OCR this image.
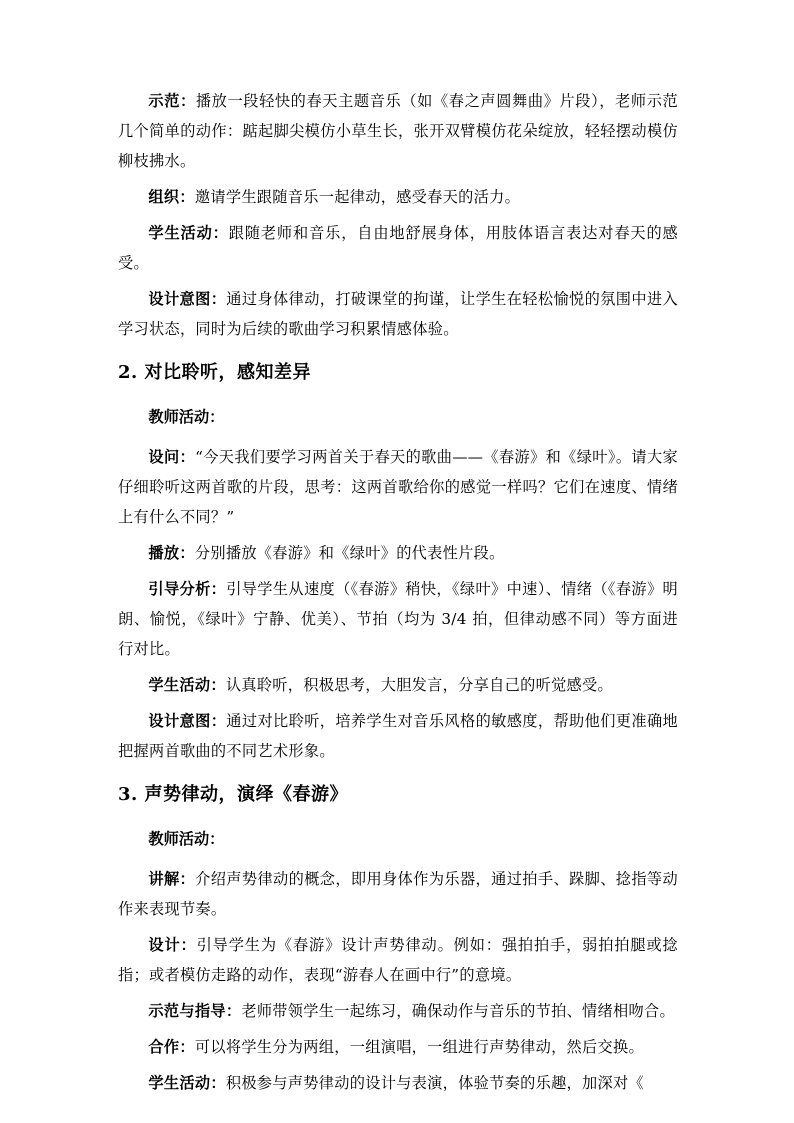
示范：播放一段轻快的春天主题音乐（如《春之声圆舞曲》片段），老师示范几个简单的动作：踮起脚尖模仿小草生长，张开双臂模仿花朵绽放，轻轻摆动模仿柳枝拂水。

组织：邀请学生跟随音乐一起律动，感受春天的活力。

学生活动：跟随老师和音乐，自由地舒展身体，用肢体语言表达对春天的感受。

设计意图：通过身体律动，打破课堂的拘谨，让学生在轻松愉悦的氛围中进入学习状态，同时为后续的歌曲学习积累情感体验。

2. 对比聆听，感知差异
教师活动：

设问：“今天我们要学习两首关于春天的歌曲——《春游》和《绿叶》。请大家仔细聆听这两首歌的片段，思考：这两首歌给你的感觉一样吗？它们在速度、情绪上有什么不同？”

播放：分别播放《春游》和《绿叶》的代表性片段。

引导分析：引导学生从速度（《春游》稍快，《绿叶》中速）、情绪（《春游》明朗、愉悦，《绿叶》宁静、优美）、节拍（均为 3/4 拍，但律动感不同）等方面进行对比。

学生活动：认真聆听，积极思考，大胆发言，分享自己的听觉感受。

设计意图：通过对比聆听，培养学生对音乐风格的敏感度，帮助他们更准确地把握两首歌曲的不同艺术形象。

3. 声势律动，演绎《春游》
教师活动：

讲解：介绍声势律动的概念，即用身体作为乐器，通过拍手、跺脚、捻指等动作来表现节奏。

设计：引导学生为《春游》设计声势律动。例如：强拍拍手，弱拍拍腿或捻指；或者模仿走路的动作，表现“游春人在画中行”的意境。

示范与指导：老师带领学生一起练习，确保动作与音乐的节拍、情绪相吻合。

合作：可以将学生分为两组，一组演唱，一组进行声势律动，然后交换。

学生活动：积极参与声势律动的设计与表演，体验节奏的乐趣，加深对《
